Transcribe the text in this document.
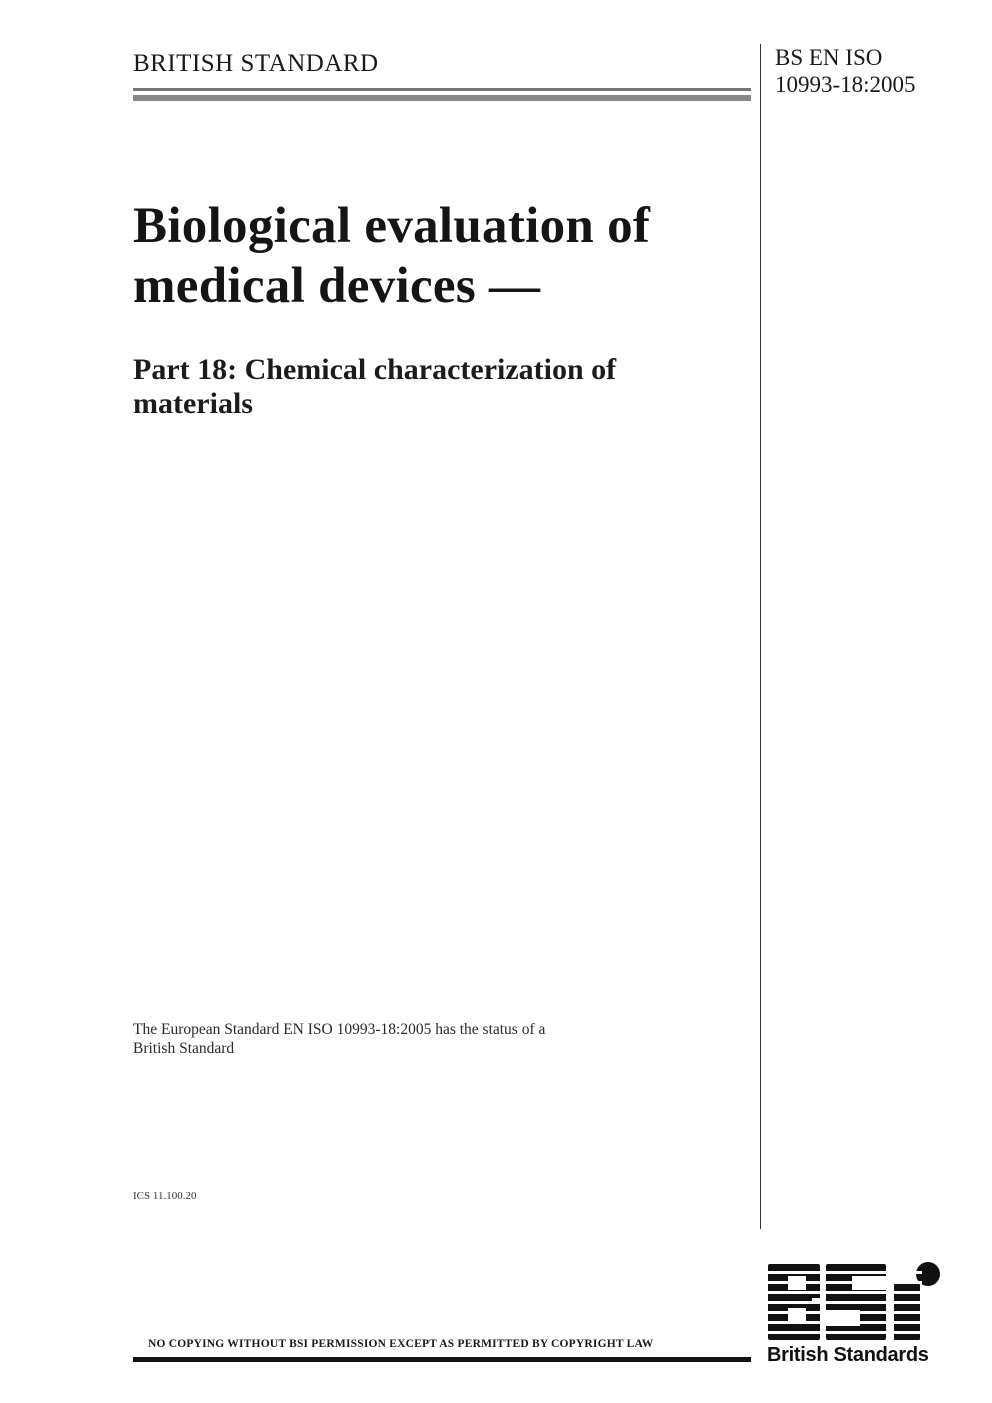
BRITISH STANDARD	BS EN ISO
10993-18:2005
Biological evaluation of
medical devices —
Part 18: Chemical characterization of
materials
The European Standard EN ISO 10993-18:2005 has the status of a
British Standard
ICS 11.100.20
NO COPYING WITHOUT BSI PERMISSION EXCEPT AS PERMITTED BY COPYRIGHT LAW	British Standards
